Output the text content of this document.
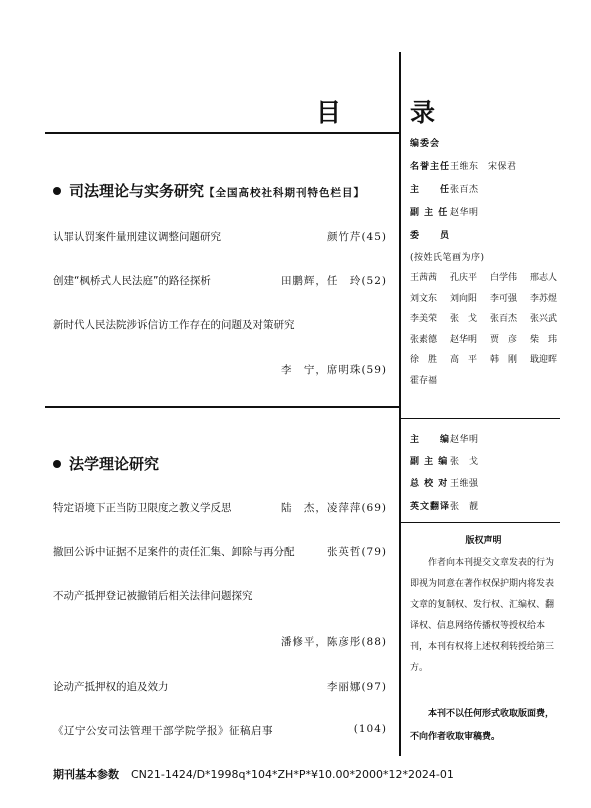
目　录
司法理论与实务研究【全国高校社科期刊特色栏目】
认罪认罚案件量刑建议调整问题研究	颜竹芹(45)
创建“枫桥式人民法庭”的路径探析	田鹏辉，任　玲(52)
新时代人民法院涉诉信访工作存在的问题及对策研究
李　宁，席明珠(59)
法学理论研究
特定语境下正当防卫限度之教义学反思	陆　杰，凌萍萍(69)
撤回公诉中证据不足案件的责任汇集、卸除与再分配	张英哲(79)
不动产抵押登记被撤销后相关法律问题探究
潘修平，陈彦彤(88)
论动产抵押权的追及效力	李丽娜(97)
《辽宁公安司法管理干部学院学报》征稿启事	(104)
编委会
名誉主任王维东　宋保君
主　　任张百杰
副 主 任 赵华明
委　　员
(按姓氏笔画为序)
王茜茜 孔庆平 白学伟 邢志人
刘文东 刘向阳 李可强 李苏煜
李美荣 张　戈 张百杰 张兴武
张素德 赵华明 贾　彦 柴　玮
徐　胜 高　平 韩　刚 戢迎晖
霍存福
主　　编赵华明
副 主 编 张　戈
总 校 对 王维强
英文翻译张　靓
版权声明
作者向本刊提交文章发表的行为即视为同意在著作权保护期内将发表文章的复制权、发行权、汇编权、翻译权、信息网络传播权等授权给本刊，本刊有权将上述权利转授给第三方。
本刊不以任何形式收取版面费，不向作者收取审稿费。
期刊基本参数 CN21-1424/D*1998q*104*ZH*P*¥10.00*2000*12*2024-01
